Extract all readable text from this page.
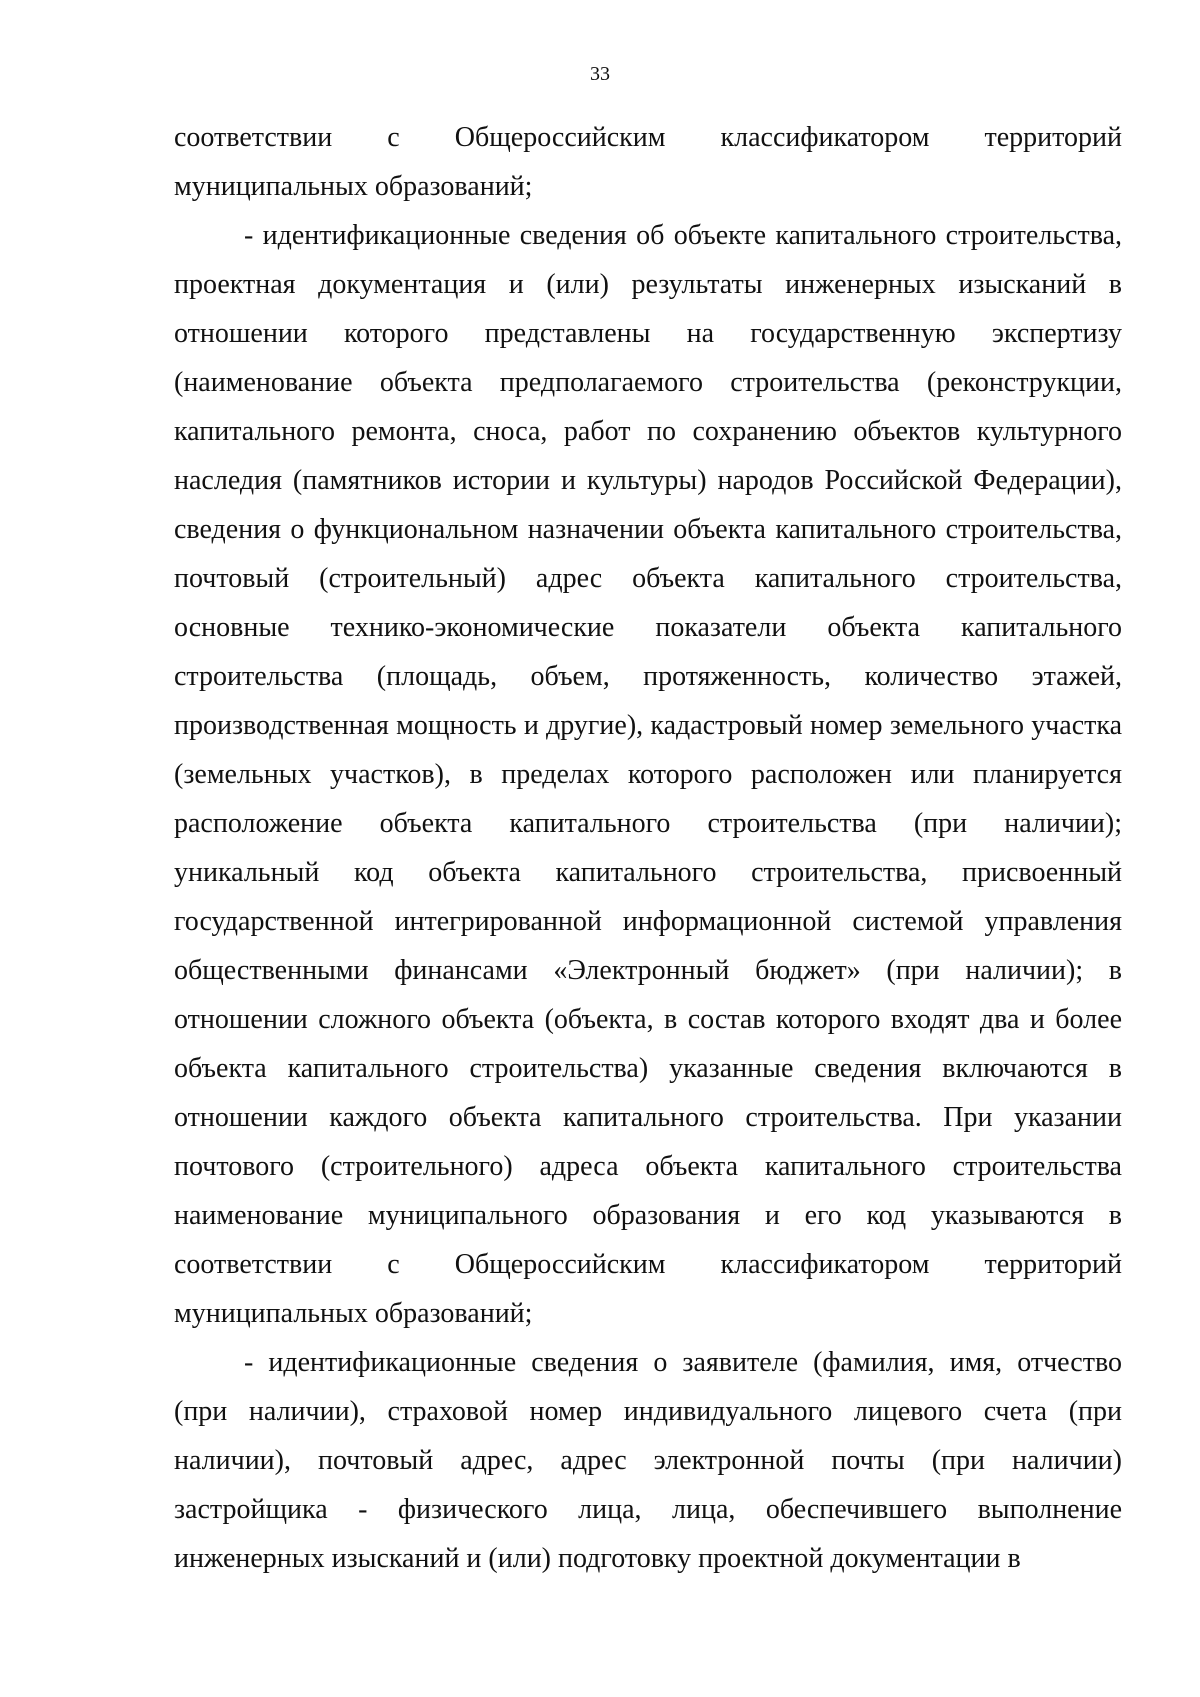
33

соответствии с Общероссийским классификатором территорий муниципальных образований;

- идентификационные сведения об объекте капитального строительства, проектная документация и (или) результаты инженерных изысканий в отношении которого представлены на государственную экспертизу (наименование объекта предполагаемого строительства (реконструкции, капитального ремонта, сноса, работ по сохранению объектов культурного наследия (памятников истории и культуры) народов Российской Федерации), сведения о функциональном назначении объекта капитального строительства, почтовый (строительный) адрес объекта капитального строительства, основные технико-экономические показатели объекта капитального строительства (площадь, объем, протяженность, количество этажей, производственная мощность и другие), кадастровый номер земельного участка (земельных участков), в пределах которого расположен или планируется расположение объекта капитального строительства (при наличии); уникальный код объекта капитального строительства, присвоенный государственной интегрированной информационной системой управления общественными финансами «Электронный бюджет» (при наличии); в отношении сложного объекта (объекта, в состав которого входят два и более объекта капитального строительства) указанные сведения включаются в отношении каждого объекта капитального строительства. При указании почтового (строительного) адреса объекта капитального строительства наименование муниципального образования и его код указываются в соответствии с Общероссийским классификатором территорий муниципальных образований;

- идентификационные сведения о заявителе (фамилия, имя, отчество (при наличии), страховой номер индивидуального лицевого счета (при наличии), почтовый адрес, адрес электронной почты (при наличии) застройщика - физического лица, лица, обеспечившего выполнение инженерных изысканий и (или) подготовку проектной документации в
